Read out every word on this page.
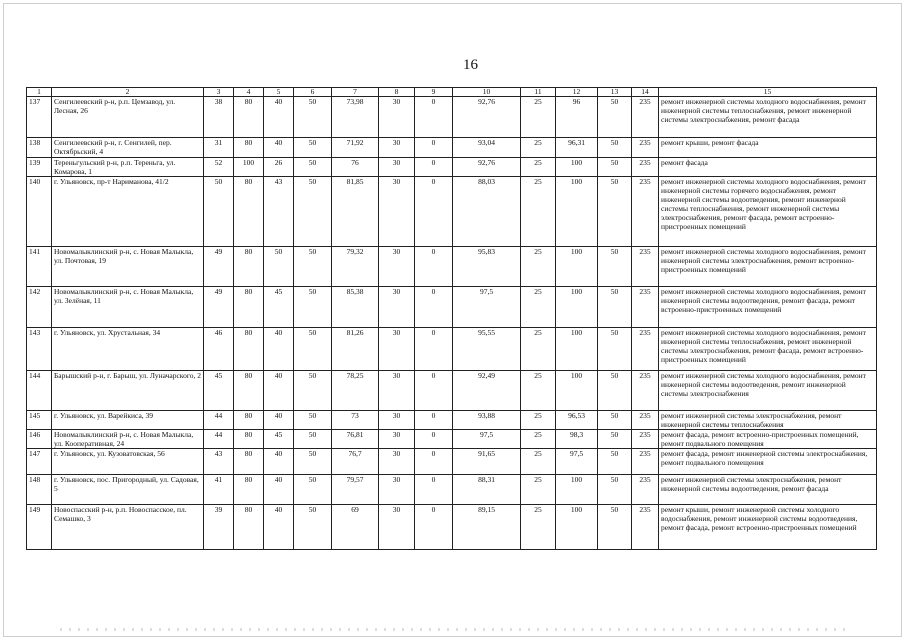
16
1	2	3	4	5	6	7	8	9	10	11	12	13	14	15
137	Сенгилеевский р-н, р.п. Цемзавод, ул. Лесная, 26	38	80	40	50	73,98	30	0	92,76	25	96	50	235	ремонт инженерной системы холодного водоснабжения, ремонт инженерной системы теплоснабжения, ремонт инженерной системы электроснабжения, ремонт фасада
138	Сенгилеевский р-н, г. Сенгилей, пер. Октябрьский, 4	31	80	40	50	71,92	30	0	93,04	25	96,31	50	235	ремонт крыши, ремонт фасада
139	Тереньгульский р-н, р.п. Тереньга, ул. Комарова, 1	52	100	26	50	76	30	0	92,76	25	100	50	235	ремонт фасада
140	г. Ульяновск, пр-т Нариманова, 41/2	50	80	43	50	81,85	30	0	88,03	25	100	50	235	ремонт инженерной системы холодного водоснабжения, ремонт инженерной системы горячего водоснабжения, ремонт инженерной системы водоотведения, ремонт инженерной системы теплоснабжения, ремонт инженерной системы электроснабжения, ремонт фасада, ремонт встроенно-пристроенных помещений
141	Новомалыклинский р-н, с. Новая Малыкла, ул. Почтовая, 19	49	80	50	50	79,32	30	0	95,83	25	100	50	235	ремонт инженерной системы холодного водоснабжения, ремонт инженерной системы электроснабжения, ремонт встроенно-пристроенных помещений
142	Новомалыклинский р-н, с. Новая Малыкла, ул. Зелёная, 11	49	80	45	50	85,38	30	0	97,5	25	100	50	235	ремонт инженерной системы холодного водоснабжения, ремонт инженерной системы водоотведения, ремонт фасада, ремонт встроенно-пристроенных помещений
143	г. Ульяновск, ул. Хрустальная, 34	46	80	40	50	81,26	30	0	95,55	25	100	50	235	ремонт инженерной системы холодного водоснабжения, ремонт инженерной системы теплоснабжения, ремонт инженерной системы электроснабжения, ремонт фасада, ремонт встроенно-пристроенных помещений
144	Барышский р-н, г. Барыш, ул. Луначарского, 2	45	80	40	50	78,25	30	0	92,49	25	100	50	235	ремонт инженерной системы холодного водоснабжения, ремонт инженерной системы водоотведения, ремонт инженерной системы электроснабжения
145	г. Ульяновск, ул. Варейкиса, 39	44	80	40	50	73	30	0	93,88	25	96,53	50	235	ремонт инженерной системы электроснабжения, ремонт инженерной системы теплоснабжения
146	Новомалыклинский р-н, с. Новая Малыкла, ул. Кооперативная, 24	44	80	45	50	76,81	30	0	97,5	25	98,3	50	235	ремонт фасада, ремонт встроенно-пристроенных помещений, ремонт подвального помещения
147	г. Ульяновск, ул. Кузоватовская, 56	43	80	40	50	76,7	30	0	91,65	25	97,5	50	235	ремонт фасада, ремонт инженерной системы электроснабжения, ремонт подвального помещения
148	г. Ульяновск, пос. Пригородный, ул. Садовая, 5	41	80	40	50	79,57	30	0	88,31	25	100	50	235	ремонт инженерной системы электроснабжения, ремонт инженерной системы водоотведения, ремонт фасада
149	Новоспасский р-н, р.п. Новоспасское, пл. Семашко, 3	39	80	40	50	69	30	0	89,15	25	100	50	235	ремонт крыши, ремонт инженерной системы холодного водоснабжения, ремонт инженерной системы водоотведения, ремонт фасада, ремонт встроенно-пристроенных помещений
